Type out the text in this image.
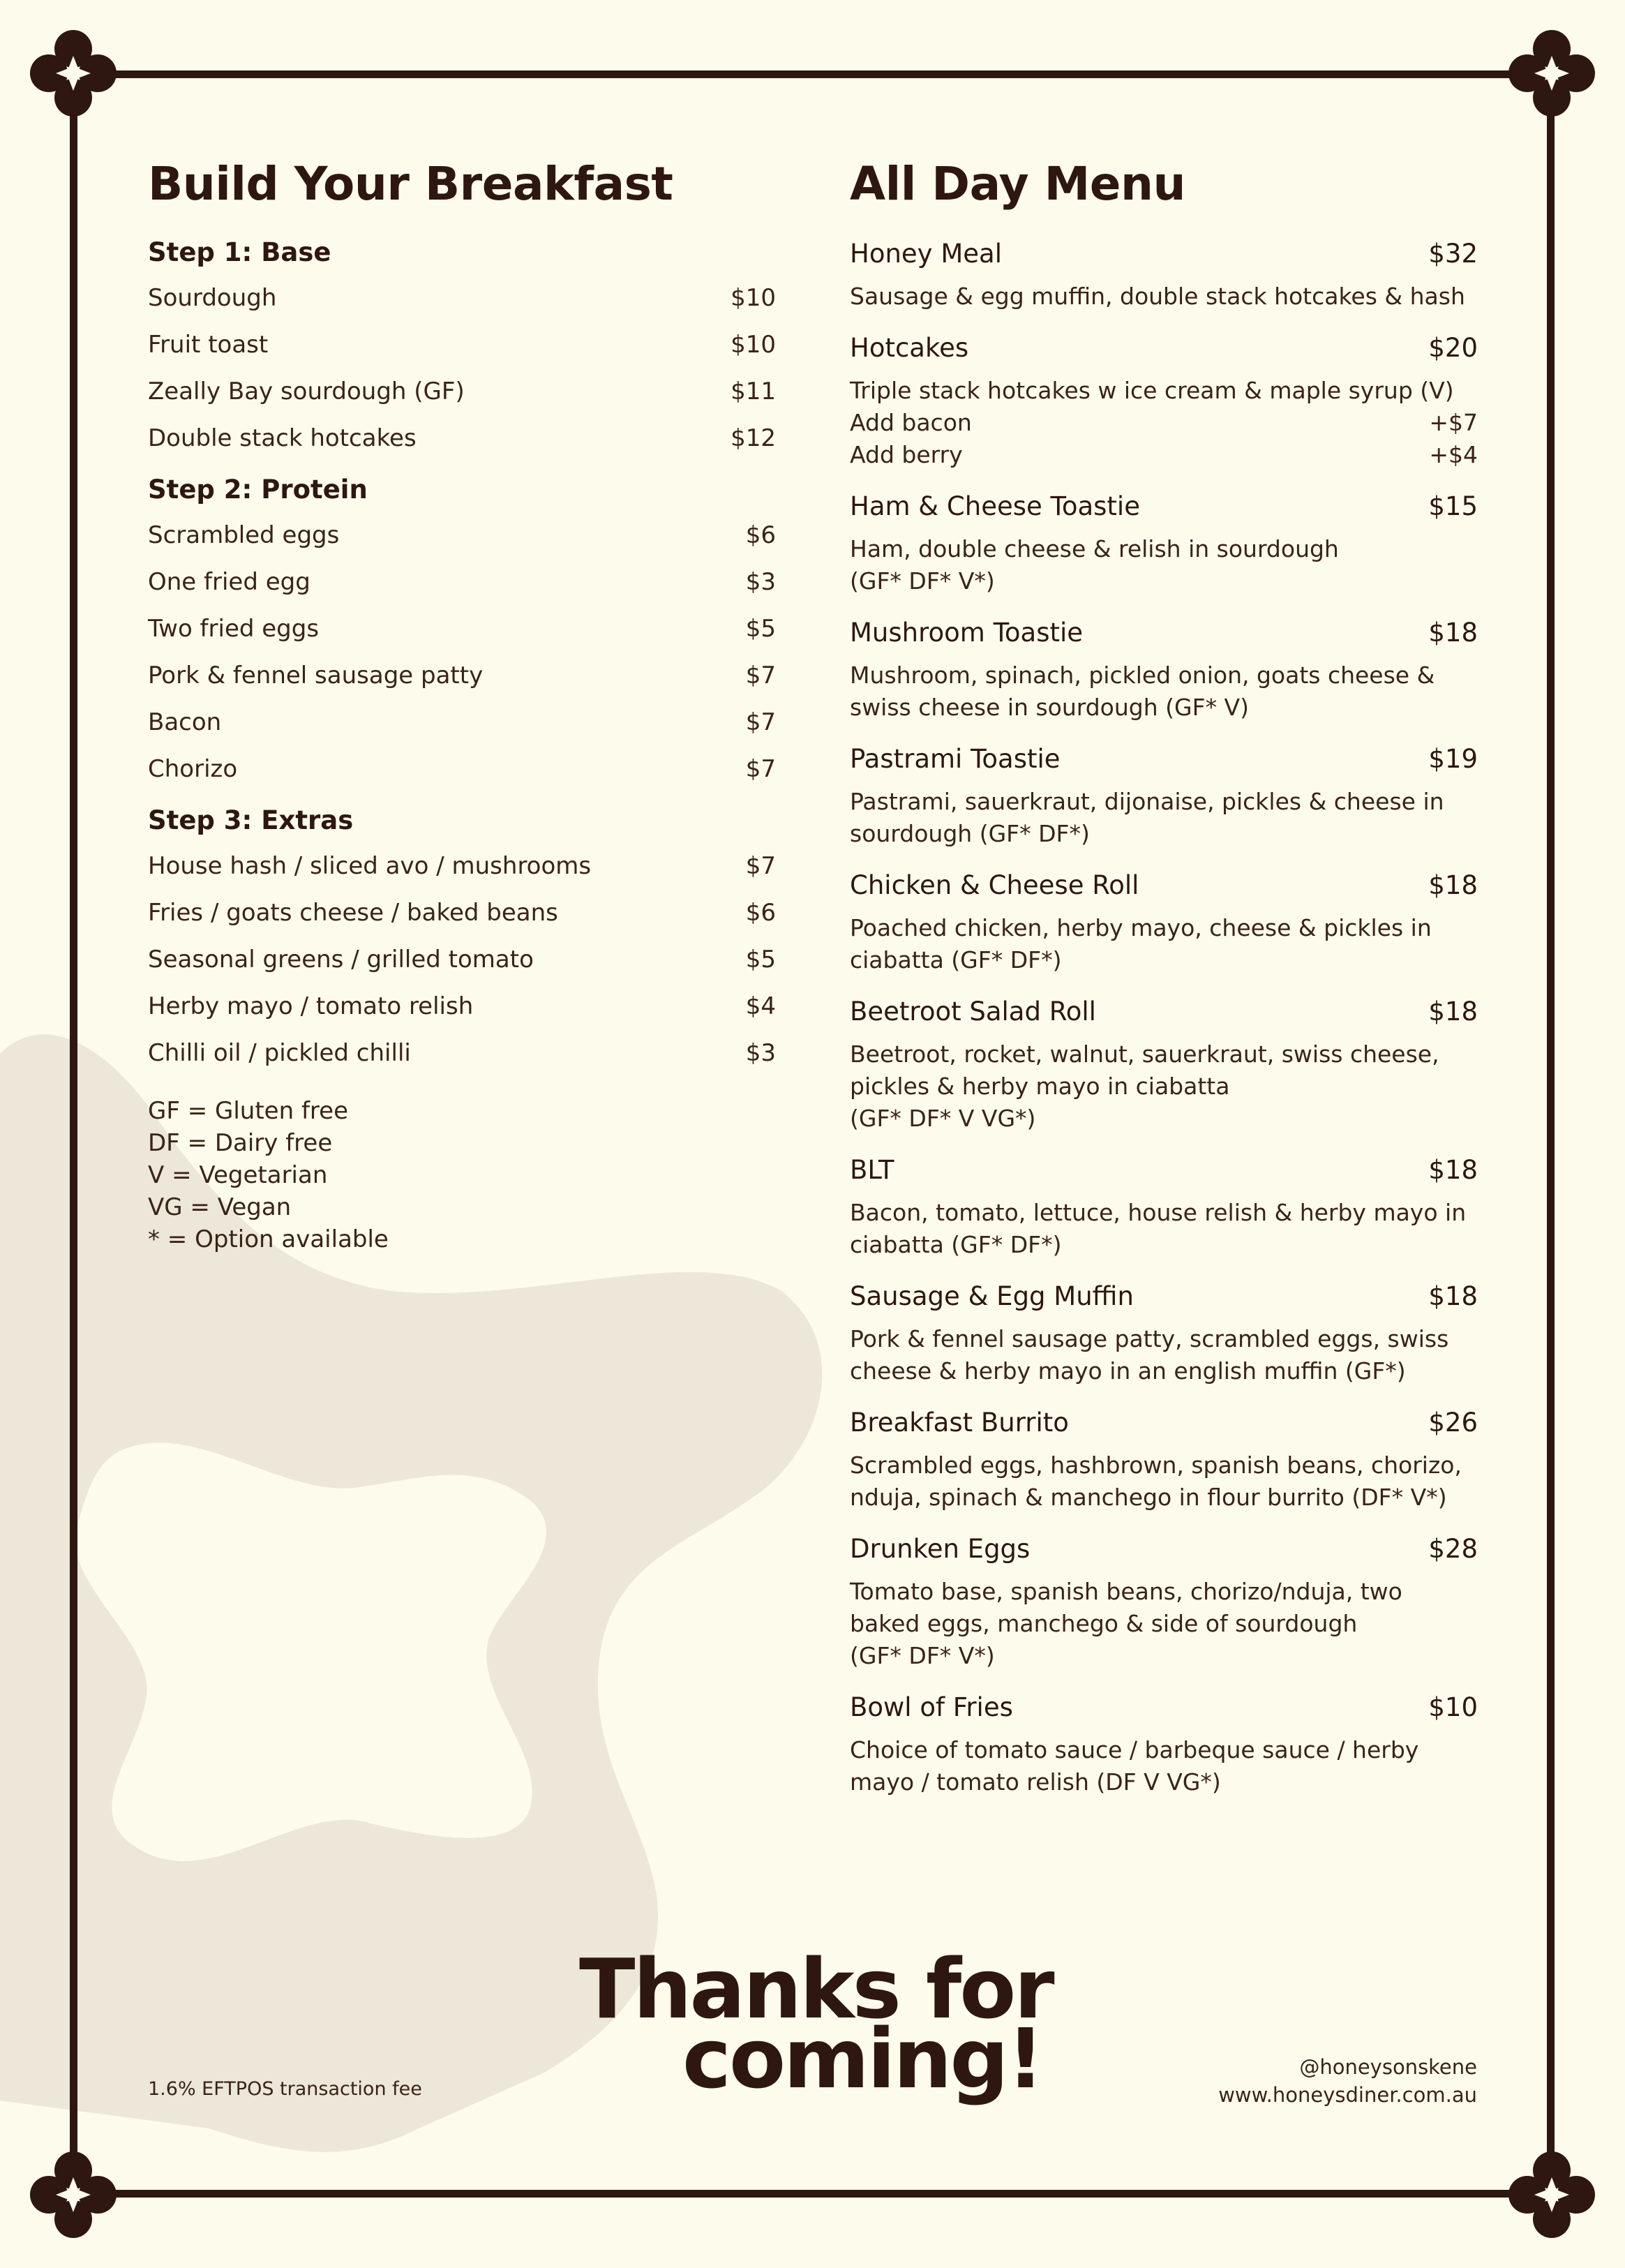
Build Your Breakfast
Step 1: Base
Sourdough	$10
Fruit toast	$10
Zeally Bay sourdough (GF)	$11
Double stack hotcakes	$12
Step 2: Protein
Scrambled eggs	$6
One fried egg	$3
Two fried eggs	$5
Pork & fennel sausage patty	$7
Bacon	$7
Chorizo	$7
Step 3: Extras
House hash / sliced avo / mushrooms	$7
Fries / goats cheese / baked beans	$6
Seasonal greens / grilled tomato	$5
Herby mayo / tomato relish	$4
Chilli oil / pickled chilli	$3
GF = Gluten free
DF = Dairy free
V = Vegetarian
VG = Vegan
* = Option available
All Day Menu
Honey Meal	$32
Sausage & egg muffin, double stack hotcakes & hash
Hotcakes	$20
Triple stack hotcakes w ice cream & maple syrup (V)
Add bacon	+$7
Add berry	+$4
Ham & Cheese Toastie	$15
Ham, double cheese & relish in sourdough
(GF* DF* V*)
Mushroom Toastie	$18
Mushroom, spinach, pickled onion, goats cheese &
swiss cheese in sourdough (GF* V)
Pastrami Toastie	$19
Pastrami, sauerkraut, dijonaise, pickles & cheese in
sourdough (GF* DF*)
Chicken & Cheese Roll	$18
Poached chicken, herby mayo, cheese & pickles in
ciabatta (GF* DF*)
Beetroot Salad Roll	$18
Beetroot, rocket, walnut, sauerkraut, swiss cheese,
pickles & herby mayo in ciabatta
(GF* DF* V VG*)
BLT	$18
Bacon, tomato, lettuce, house relish & herby mayo in
ciabatta (GF* DF*)
Sausage & Egg Muffin	$18
Pork & fennel sausage patty, scrambled eggs, swiss
cheese & herby mayo in an english muffin (GF*)
Breakfast Burrito	$26
Scrambled eggs, hashbrown, spanish beans, chorizo,
nduja, spinach & manchego in flour burrito (DF* V*)
Drunken Eggs	$28
Tomato base, spanish beans, chorizo/nduja, two
baked eggs, manchego & side of sourdough
(GF* DF* V*)
Bowl of Fries	$10
Choice of tomato sauce / barbeque sauce / herby
mayo / tomato relish (DF V VG*)
Thanks for
coming!
1.6% EFTPOS transaction fee
@honeysonskene
www.honeysdiner.com.au
